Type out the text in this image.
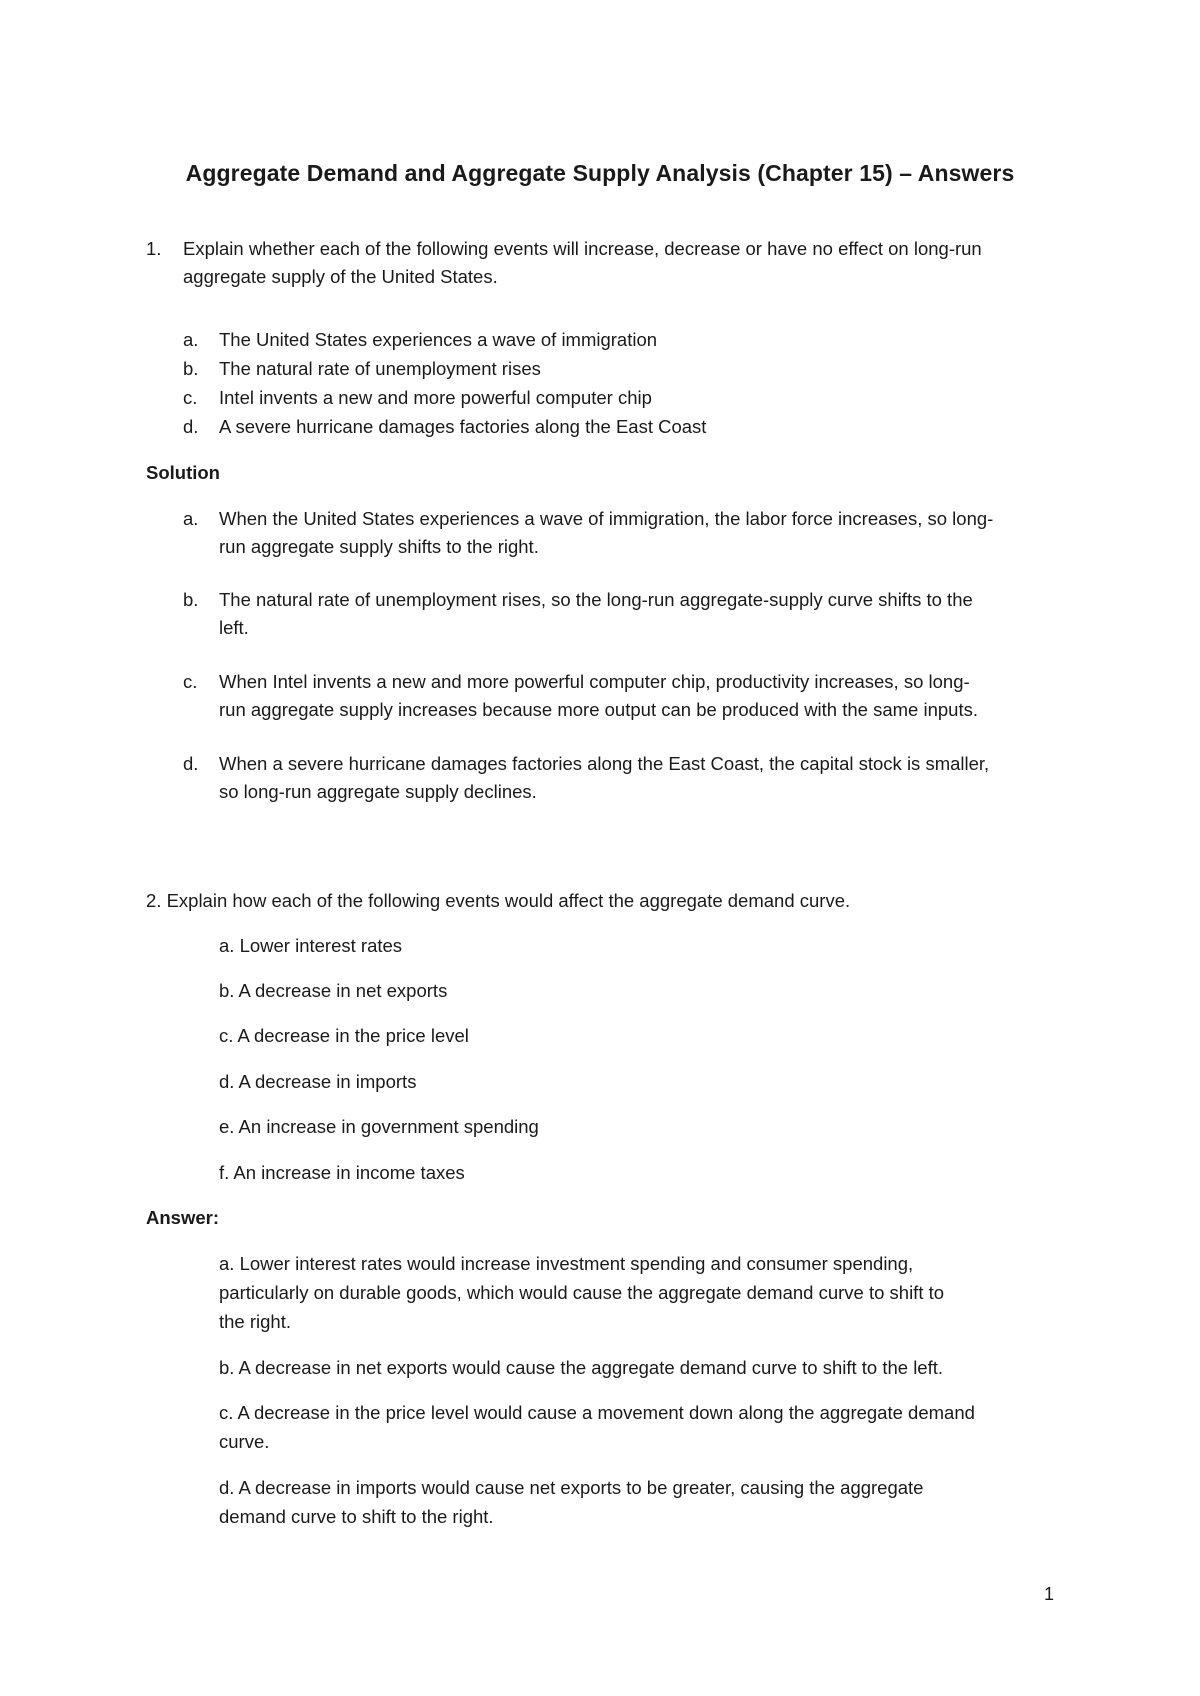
Aggregate Demand and Aggregate Supply Analysis (Chapter 15) – Answers
1. Explain whether each of the following events will increase, decrease or have no effect on long-run
aggregate supply of the United States.
a. The United States experiences a wave of immigration
b. The natural rate of unemployment rises
c. Intel invents a new and more powerful computer chip
d. A severe hurricane damages factories along the East Coast
Solution
a. When the United States experiences a wave of immigration, the labor force increases, so long-
run aggregate supply shifts to the right.
b. The natural rate of unemployment rises, so the long-run aggregate-supply curve shifts to the
left.
c. When Intel invents a new and more powerful computer chip, productivity increases, so long-
run aggregate supply increases because more output can be produced with the same inputs.
d. When a severe hurricane damages factories along the East Coast, the capital stock is smaller,
so long-run aggregate supply declines.
2. Explain how each of the following events would affect the aggregate demand curve.
a. Lower interest rates
b. A decrease in net exports
c. A decrease in the price level
d. A decrease in imports
e. An increase in government spending
f. An increase in income taxes
Answer:
a. Lower interest rates would increase investment spending and consumer spending,
particularly on durable goods, which would cause the aggregate demand curve to shift to
the right.
b. A decrease in net exports would cause the aggregate demand curve to shift to the left.
c. A decrease in the price level would cause a movement down along the aggregate demand
curve.
d. A decrease in imports would cause net exports to be greater, causing the aggregate
demand curve to shift to the right.
1
